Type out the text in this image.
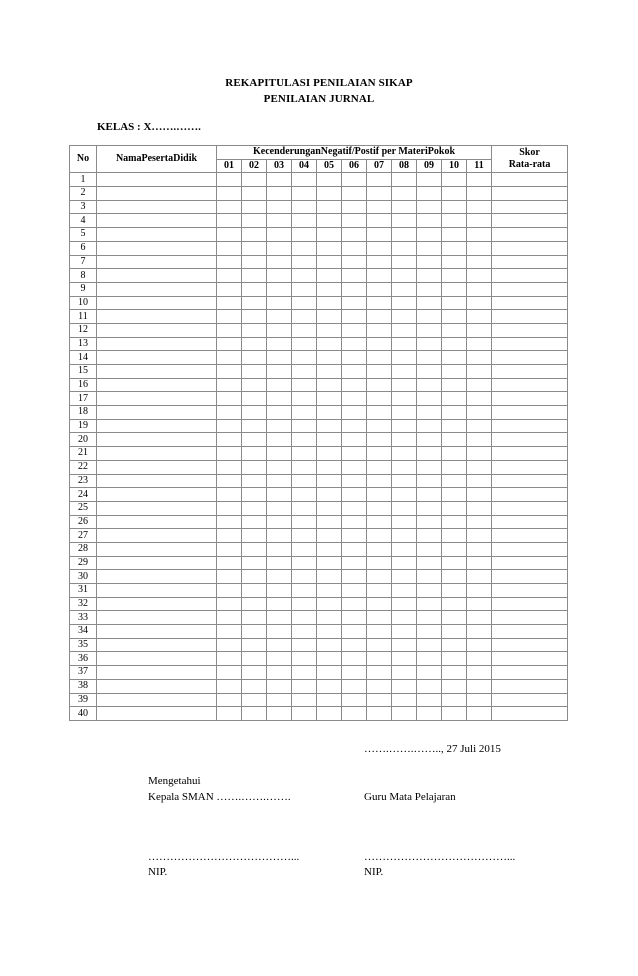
REKAPITULASI PENILAIAN SIKAP
PENILAIAN JURNAL
KELAS : X…….…….
No	NamaPesertaDidik	KecenderunganNegatif/Postif per MateriPokok											Skor
Rata-rata
		01	02	03	04	05	06	07	08	09	10	11	
1													
2													
3													
4													
5													
6													
7													
8													
9													
10													
11													
12													
13													
14													
15													
16													
17													
18													
19													
20													
21													
22													
23													
24													
25													
26													
27													
28													
29													
30													
31													
32													
33													
34													
35													
36													
37													
38													
39													
40													
…….…….…….., 27 Juli 2015
Mengetahui
Kepala SMAN …….…….…….	Guru Mata Pelajaran
…………………………………...	…………………………………...
NIP.	NIP.
